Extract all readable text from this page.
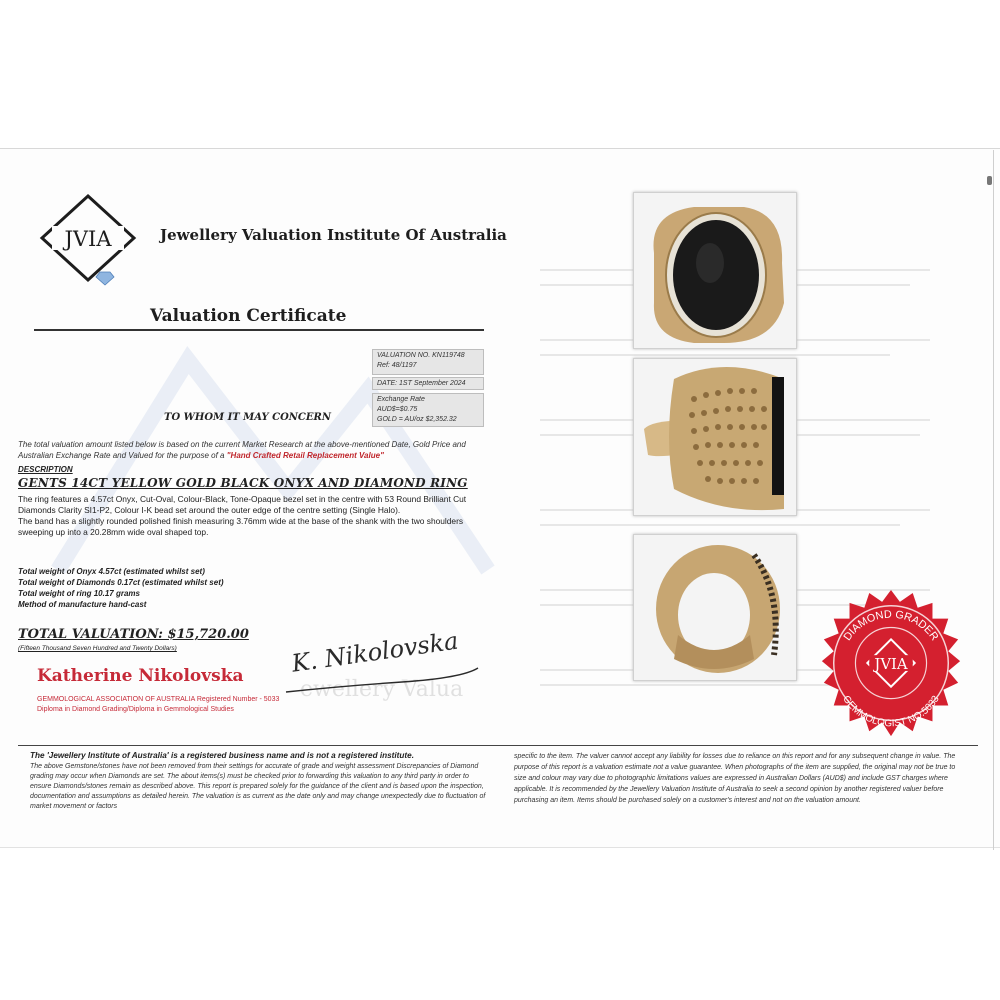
JVIA	Jewellery Valuation Institute Of Australia
Valuation Certificate
VALUATION NO. KN119748
Ref: 48/1197
DATE: 1ST September 2024
Exchange Rate
AUD$=$0.75
GOLD = AU/oz $2,352.32
TO WHOM IT MAY CONCERN
The total valuation amount listed below is based on the current Market Research at the above-mentioned Date, Gold Price and Australian Exchange Rate and Valued for the purpose of a "Hand Crafted Retail Replacement Value"
DESCRIPTION
GENTS 14CT YELLOW GOLD BLACK ONYX AND DIAMOND RING

The ring features a 4.57ct Onyx, Cut-Oval, Colour-Black, Tone-Opaque bezel set in the centre with 53 Round Brilliant Cut Diamonds Clarity SI1-P2, Colour I-K bead set around the outer edge of the centre setting (Single Halo).

The band has a slightly rounded polished finish measuring 3.76mm wide at the base of the shank with the two shoulders sweeping up into a 20.28mm wide oval shaped top.

Total weight of Onyx 4.57ct (estimated whilst set)
Total weight of Diamonds 0.17ct (estimated whilst set)
Total weight of ring 10.17 grams
Method of manufacture hand-cast
TOTAL VALUATION: $15,720.00
(Fifteen Thousand Seven Hundred and Twenty Dollars)
ewellery Valua
Katherine Nikolovska K. Nikolovska
GEMMOLOGICAL ASSOCIATION OF AUSTRALIA Registered Number - 5033
Diploma in Diamond Grading/Diploma in Gemmological Studies
DIAMOND GRADER
GEMMOLOGIST NO.5033
JVIA
The 'Jewellery Institute of Australia' is a registered business name and is not a registered institute.
The above Gemstone/stones have not been removed from their settings for accurate of grade and weight assessment Discrepancies of Diamond grading may occur when Diamonds are set. The about items(s) must be checked prior to forwarding this valuation to any third party in order to ensure Diamonds/stones remain as described above. This report is prepared solely for the guidance of the client and is based upon the inspection, documentation and assumptions as detailed herein. The valuation is as current as the date only and may change unexpectedly due to fluctuation of market movement or factors
specific to the item. The valuer cannot accept any liability for losses due to reliance on this report and for any subsequent change in value. The purpose of this report is a valuation estimate not a value guarantee. When photographs of the item are supplied, the original may not be true to size and colour may vary due to photographic limitations values are expressed in Australian Dollars (AUD$) and include GST charges where applicable. It is recommended by the Jewellery Valuation Institute of Australia to seek a second opinion by another registered valuer before purchasing an item. Items should be purchased solely on a customer's interest and not on the valuation amount.
